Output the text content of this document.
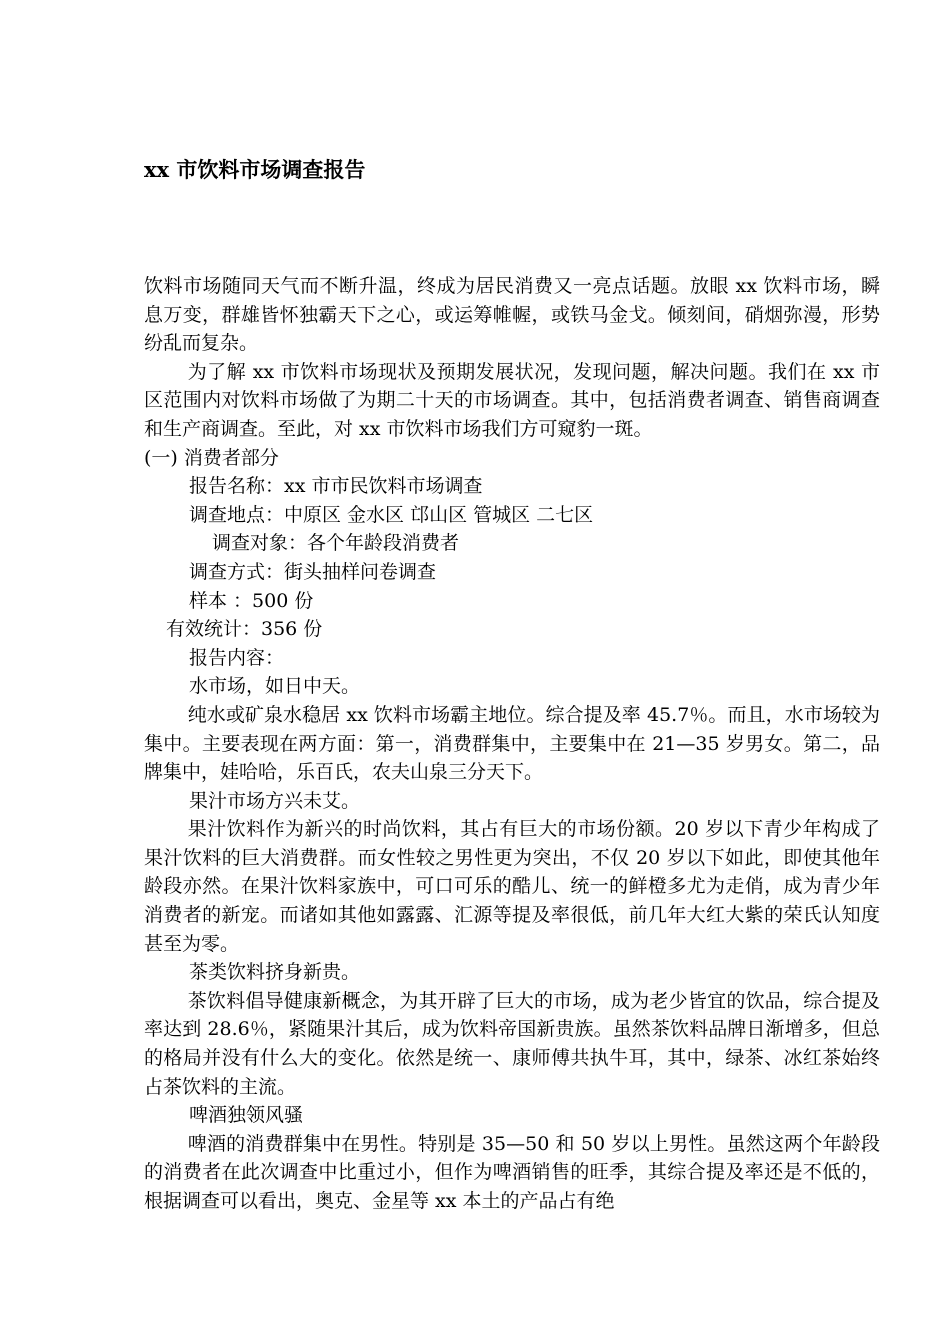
xx 市饮料市场调查报告

饮料市场随同天气而不断升温，终成为居民消费又一亮点话题。放眼 xx 饮料市场，瞬息万变，群雄皆怀独霸天下之心，或运筹帷幄，或铁马金戈。倾刻间，硝烟弥漫，形势纷乱而复杂。

为了解 xx 市饮料市场现状及预期发展状况，发现问题，解决问题。我们在 xx 市区范围内对饮料市场做了为期二十天的市场调查。其中，包括消费者调查、销售商调查和生产商调查。至此，对 xx 市饮料市场我们方可窥豹一斑。

(一) 消费者部分

报告名称：xx 市市民饮料市场调查

调查地点：中原区 金水区 邙山区 管城区 二七区

调查对象：各个年龄段消费者

调查方式：街头抽样问卷调查

样本 ：500 份

有效统计：356 份

报告内容：

水市场，如日中天。

纯水或矿泉水稳居 xx 饮料市场霸主地位。综合提及率 45.7％。而且，水市场较为集中。主要表现在两方面：第一，消费群集中，主要集中在 21—35 岁男女。第二，品牌集中，娃哈哈，乐百氏，农夫山泉三分天下。

果汁市场方兴未艾。

果汁饮料作为新兴的时尚饮料，其占有巨大的市场份额。20 岁以下青少年构成了果汁饮料的巨大消费群。而女性较之男性更为突出，不仅 20 岁以下如此，即使其他年龄段亦然。在果汁饮料家族中，可口可乐的酷儿、统一的鲜橙多尤为走俏，成为青少年消费者的新宠。而诸如其他如露露、汇源等提及率很低，前几年大红大紫的荣氏认知度甚至为零。

茶类饮料挤身新贵。

茶饮料倡导健康新概念，为其开辟了巨大的市场，成为老少皆宜的饮品，综合提及率达到 28.6％，紧随果汁其后，成为饮料帝国新贵族。虽然茶饮料品牌日渐增多，但总的格局并没有什么大的变化。依然是统一、康师傅共执牛耳，其中，绿茶、冰红茶始终占茶饮料的主流。

啤酒独领风骚

啤酒的消费群集中在男性。特别是 35—50 和 50 岁以上男性。虽然这两个年龄段的消费者在此次调查中比重过小，但作为啤酒销售的旺季，其综合提及率还是不低的，根据调查可以看出，奥克、金星等 xx 本土的产品占有绝
